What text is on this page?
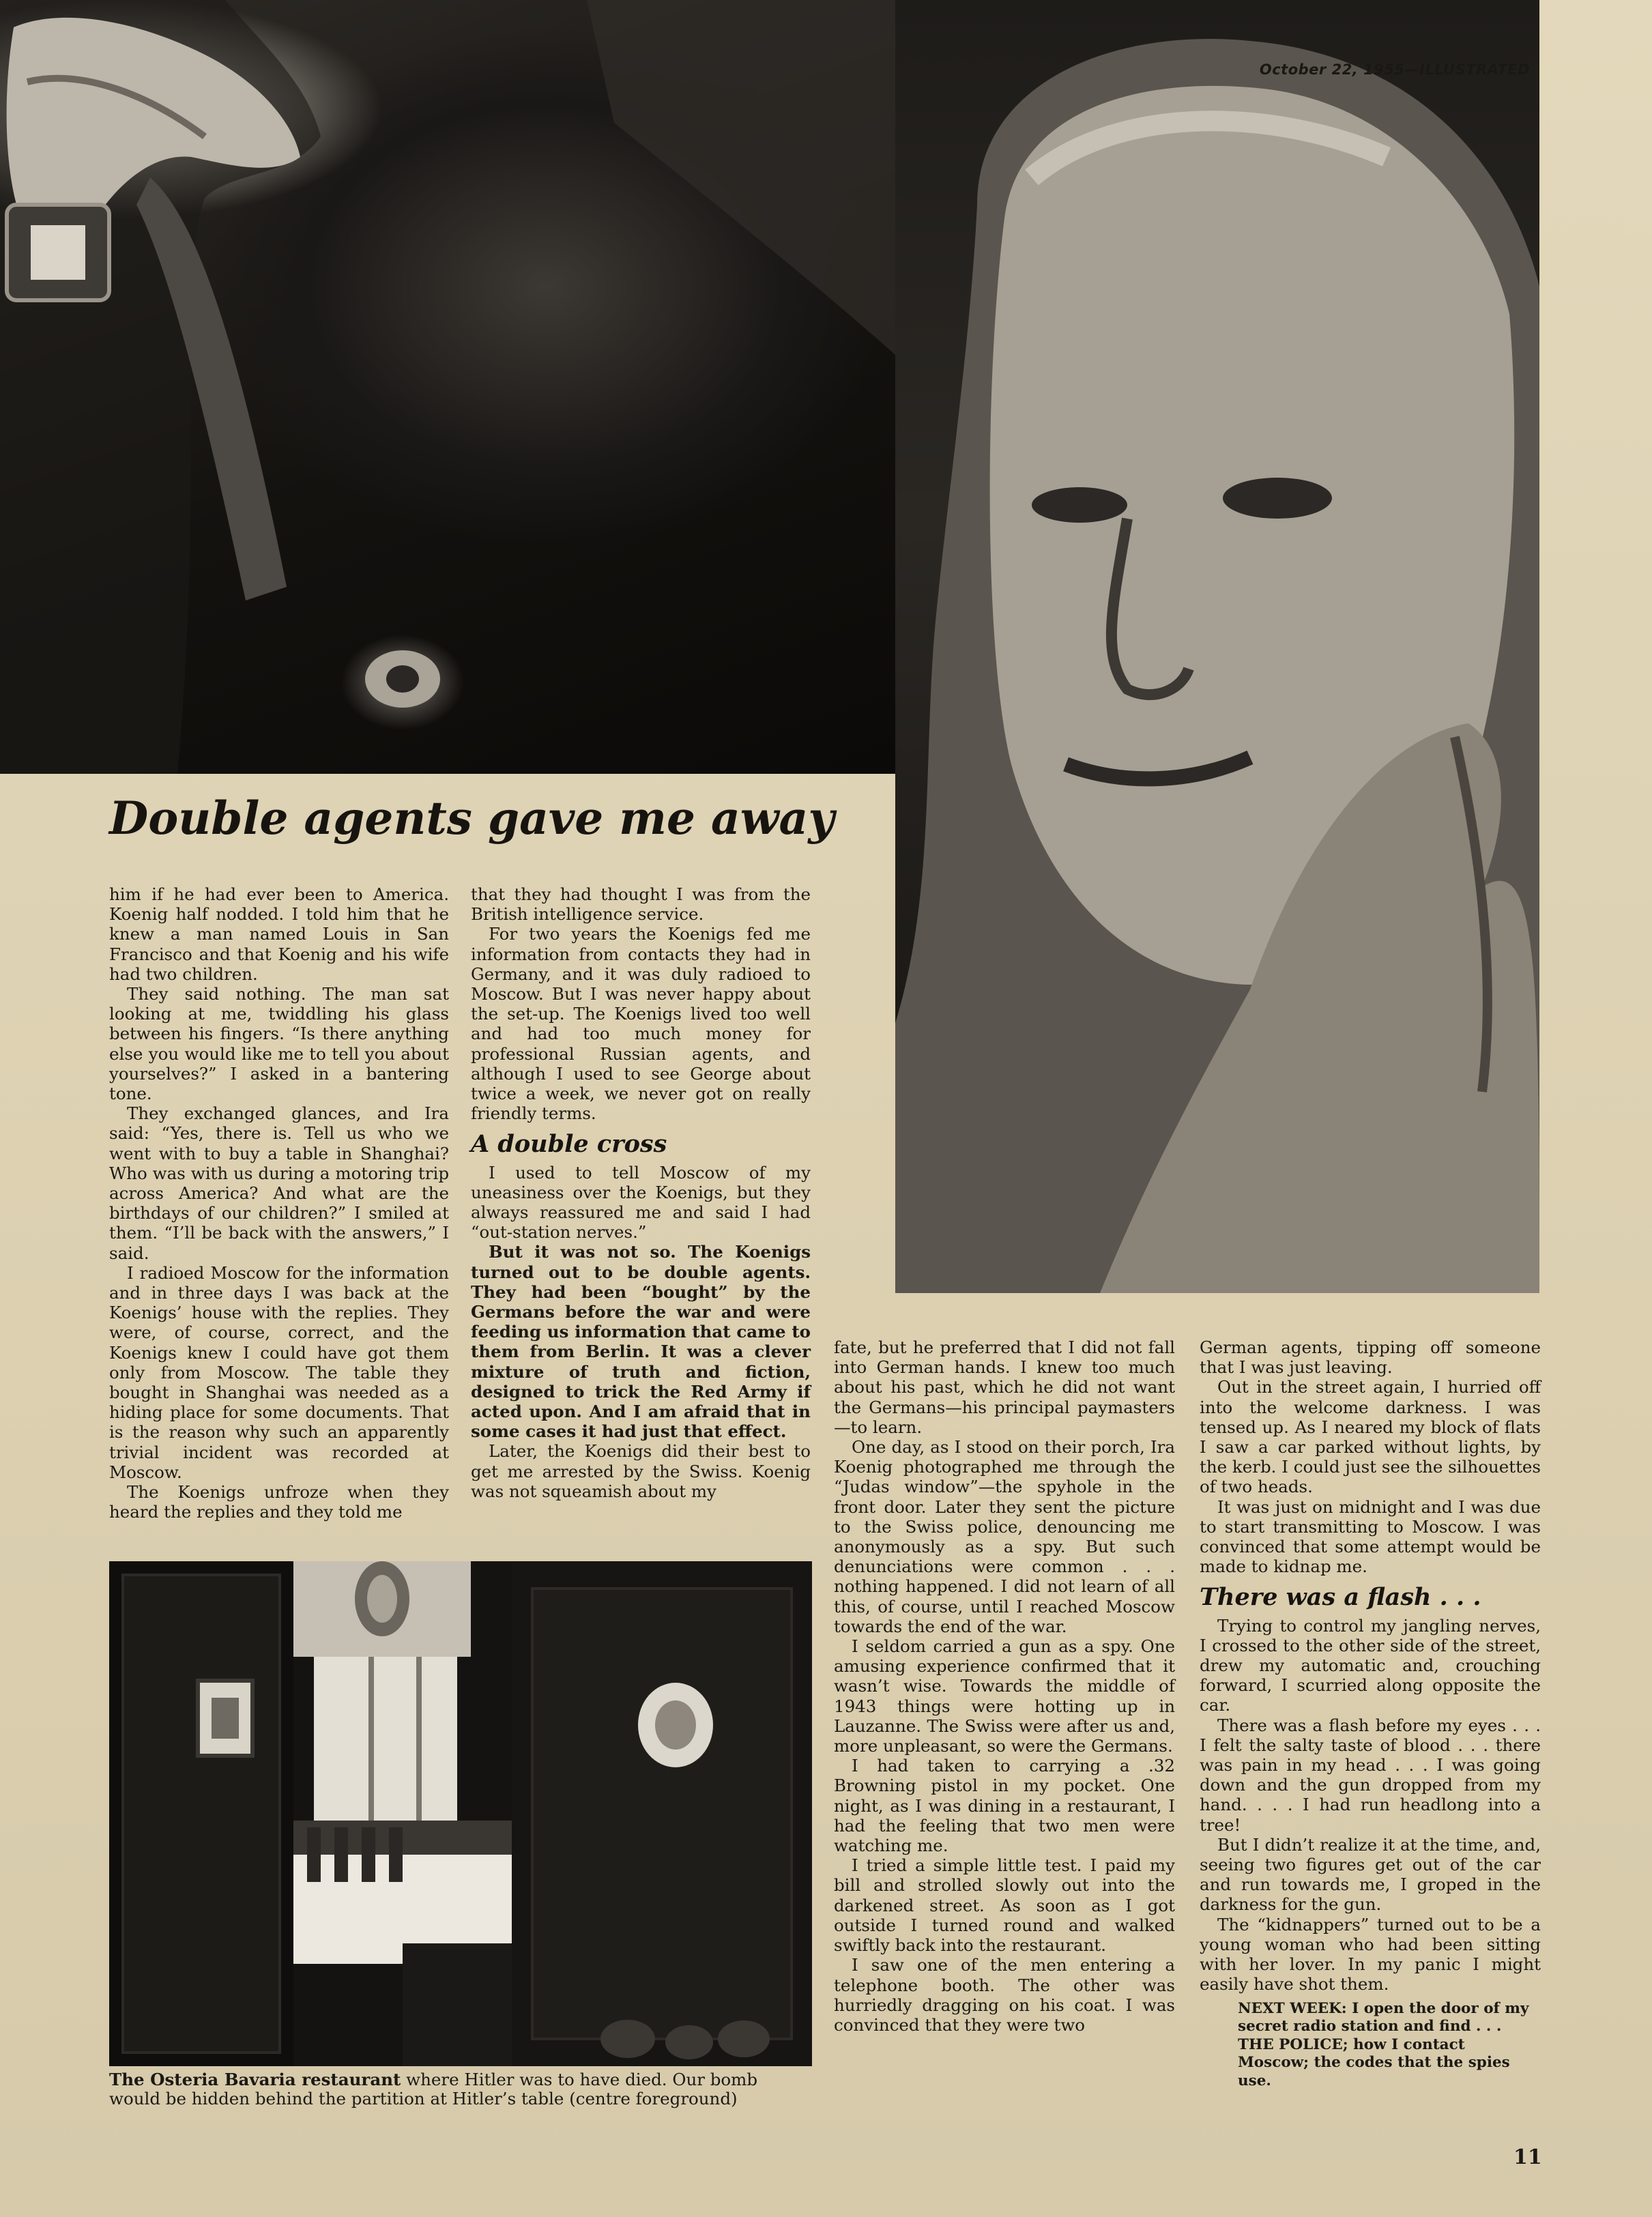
October 22, 1955—ILLUSTRATED
Double agents gave me away

him if he had ever been to America. Koenig half nodded. I told him that he knew a man named Louis in San Francisco and that Koenig and his wife had two children.

They said nothing. The man sat looking at me, twiddling his glass between his fingers. “Is there anything else you would like me to tell you about yourselves?” I asked in a bantering tone.

They exchanged glances, and Ira said: “Yes, there is. Tell us who we went with to buy a table in Shanghai? Who was with us during a motoring trip across America? And what are the birthdays of our children?” I smiled at them. “I’ll be back with the answers,” I said.

I radioed Moscow for the information and in three days I was back at the Koenigs’ house with the replies. They were, of course, correct, and the Koenigs knew I could have got them only from Moscow. The table they bought in Shanghai was needed as a hiding place for some documents. That is the reason why such an apparently trivial incident was recorded at Moscow.

The Koenigs unfroze when they heard the replies and they told me

that they had thought I was from the British intelligence service.

For two years the Koenigs fed me information from contacts they had in Germany, and it was duly radioed to Moscow. But I was never happy about the set-up. The Koenigs lived too well and had too much money for professional Russian agents, and although I used to see George about twice a week, we never got on really friendly terms.

A double cross

I used to tell Moscow of my uneasiness over the Koenigs, but they always reassured me and said I had “out-station nerves.”

But it was not so. The Koenigs turned out to be double agents. They had been “bought” by the Germans before the war and were feeding us information that came to them from Berlin. It was a clever mixture of truth and fiction, designed to trick the Red Army if acted upon. And I am afraid that in some cases it had just that effect.

Later, the Koenigs did their best to get me arrested by the Swiss. Koenig was not squeamish about my

The Osteria Bavaria restaurant where Hitler was to have died. Our bomb would be hidden behind the partition at Hitler’s table (centre foreground)

fate, but he preferred that I did not fall into German hands. I knew too much about his past, which he did not want the Germans—his principal paymasters—to learn.

One day, as I stood on their porch, Ira Koenig photographed me through the “Judas window”—the spyhole in the front door. Later they sent the picture to the Swiss police, denouncing me anonymously as a spy. But such denunciations were common . . . nothing happened. I did not learn of all this, of course, until I reached Moscow towards the end of the war.

I seldom carried a gun as a spy. One amusing experience confirmed that it wasn’t wise. Towards the middle of 1943 things were hotting up in Lauzanne. The Swiss were after us and, more unpleasant, so were the Germans.

I had taken to carrying a .32 Browning pistol in my pocket. One night, as I was dining in a restaurant, I had the feeling that two men were watching me.

I tried a simple little test. I paid my bill and strolled slowly out into the darkened street. As soon as I got outside I turned round and walked swiftly back into the restaurant.

I saw one of the men entering a telephone booth. The other was hurriedly dragging on his coat. I was convinced that they were two

German agents, tipping off someone that I was just leaving.

Out in the street again, I hurried off into the welcome darkness. I was tensed up. As I neared my block of flats I saw a car parked without lights, by the kerb. I could just see the silhouettes of two heads.

It was just on midnight and I was due to start transmitting to Moscow. I was convinced that some attempt would be made to kidnap me.

There was a flash . . .

Trying to control my jangling nerves, I crossed to the other side of the street, drew my automatic and, crouching forward, I scurried along opposite the car.

There was a flash before my eyes . . . I felt the salty taste of blood . . . there was pain in my head . . . I was going down and the gun dropped from my hand. . . . I had run headlong into a tree!

But I didn’t realize it at the time, and, seeing two figures get out of the car and run towards me, I groped in the darkness for the gun.

The “kidnappers” turned out to be a young woman who had been sitting with her lover. In my panic I might easily have shot them.

NEXT WEEK: I open the door of my secret radio station and find . . . THE POLICE; how I contact Moscow; the codes that the spies use.
11
